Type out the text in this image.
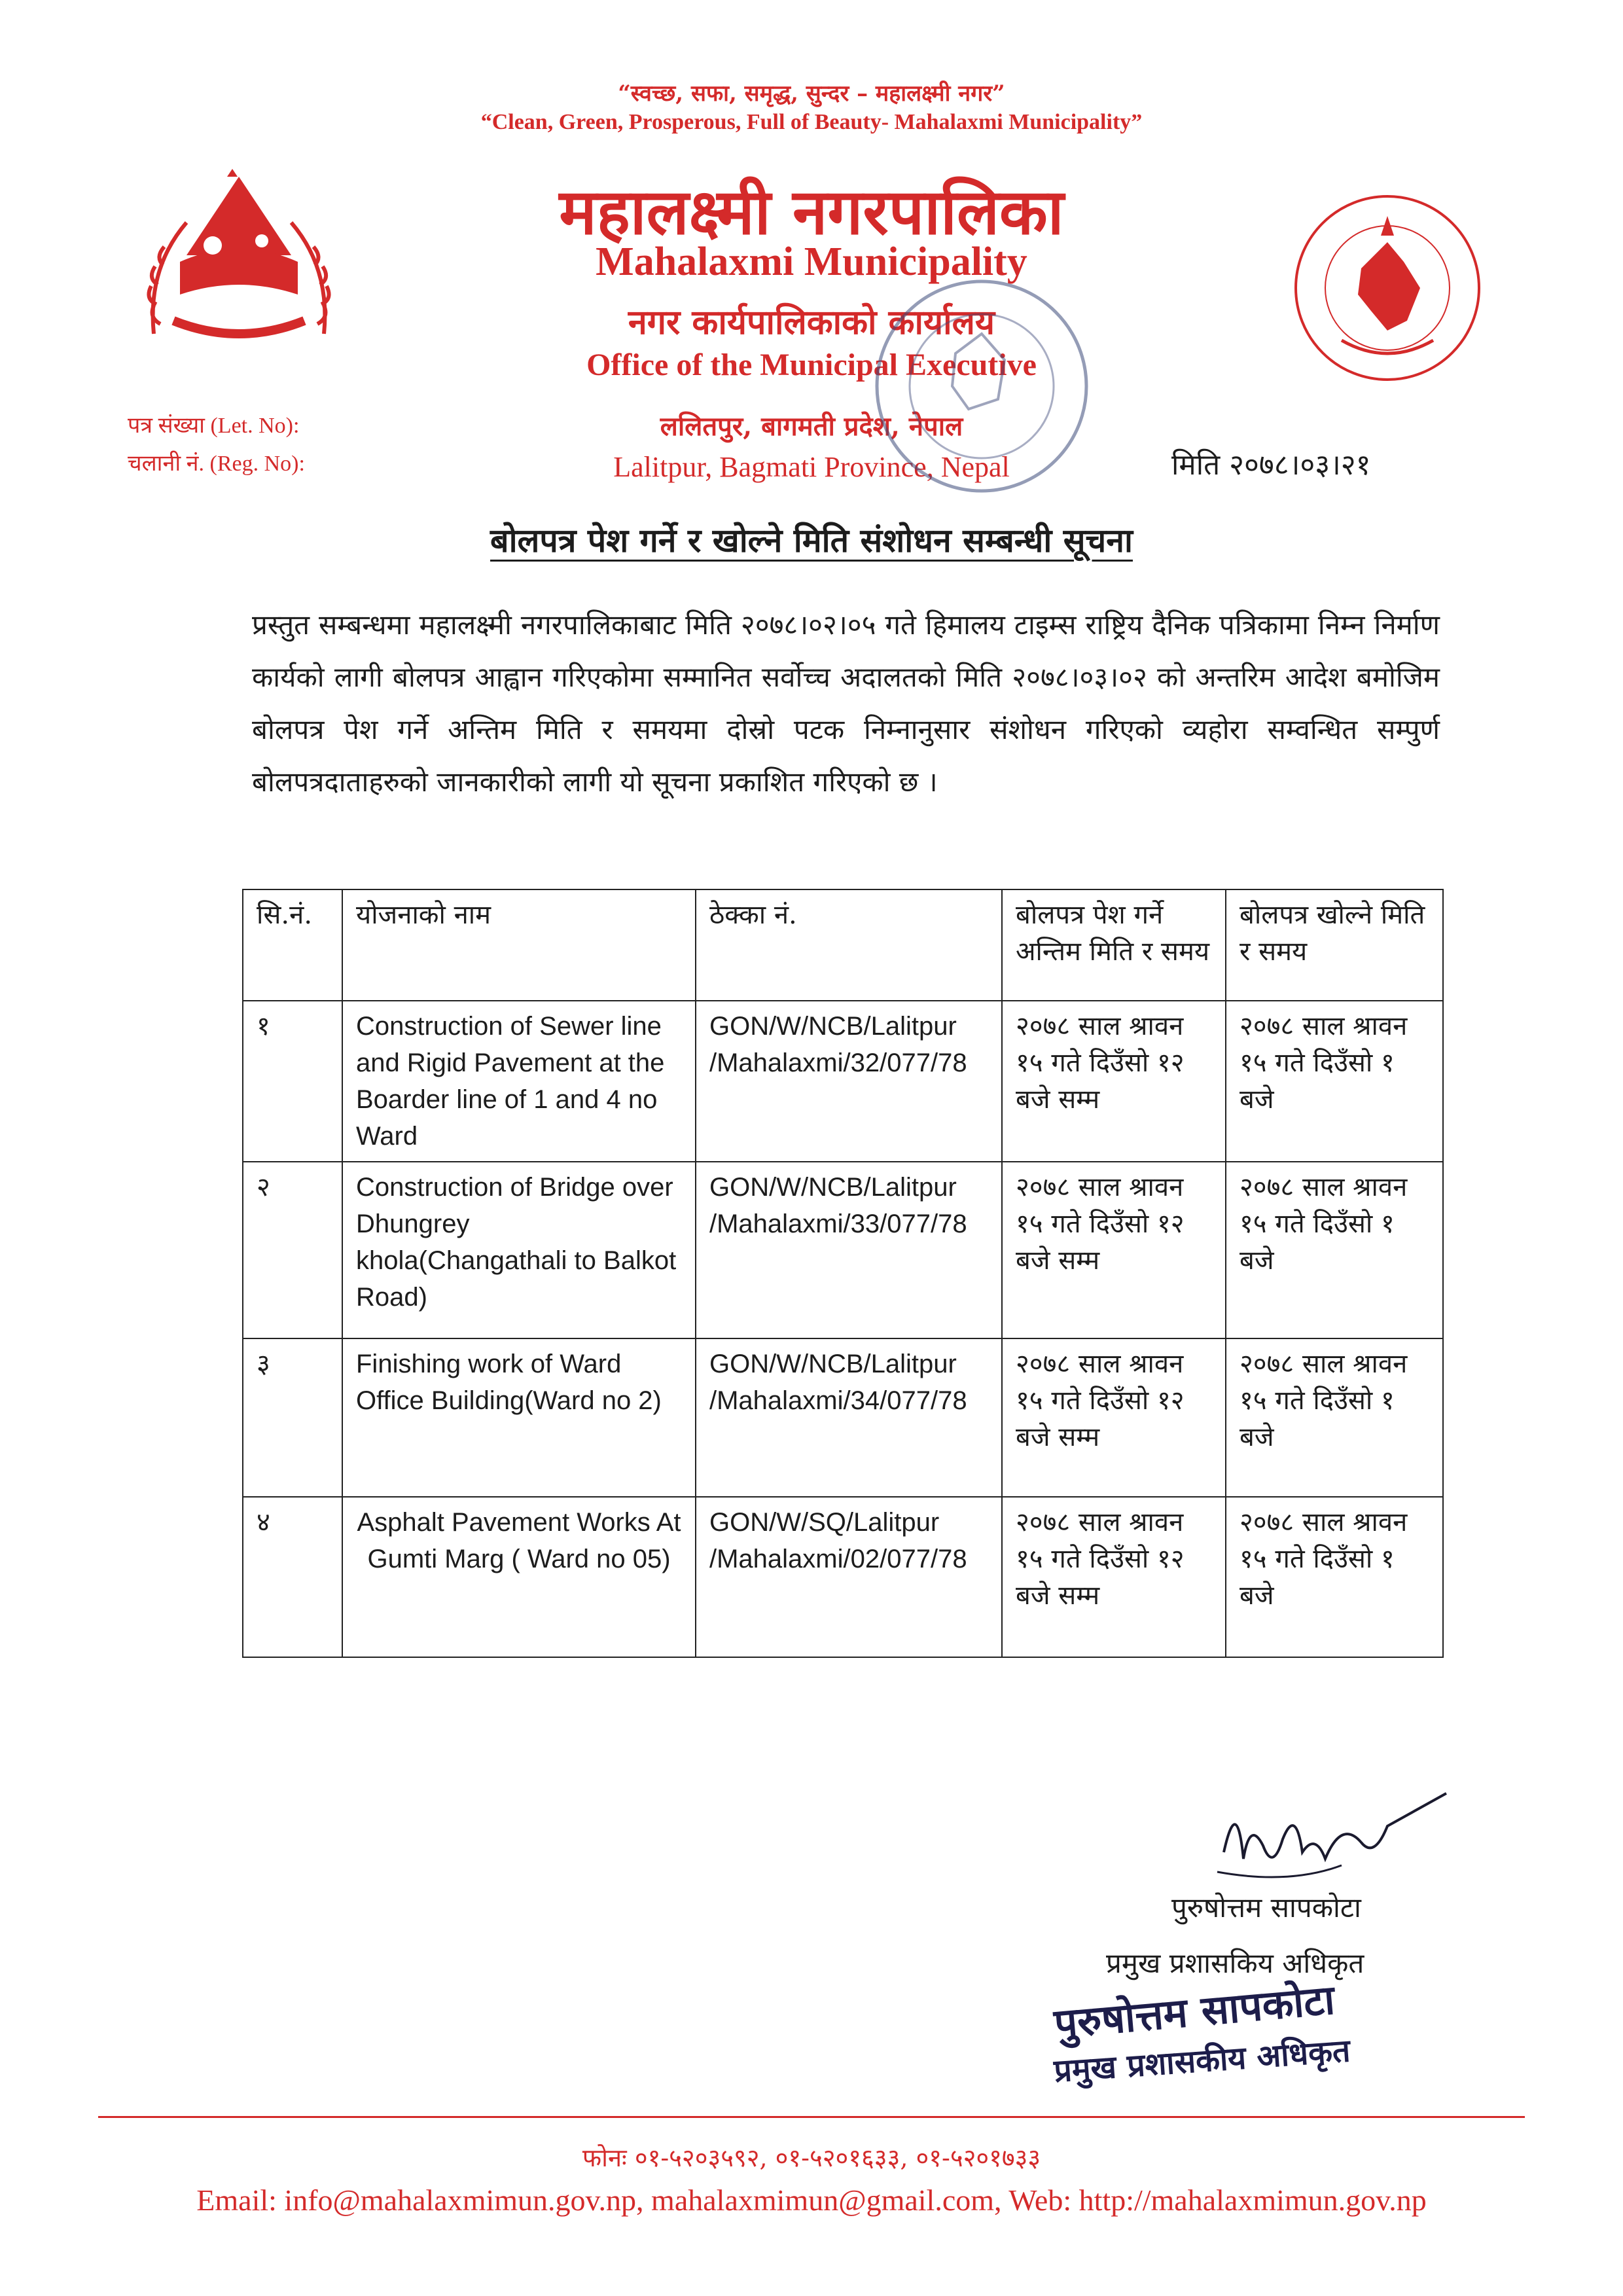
“स्वच्छ, सफा, समृद्ध, सुन्दर – महालक्ष्मी नगर”
“Clean, Green, Prosperous, Full of Beauty- Mahalaxmi Municipality”
महालक्ष्मी नगरपालिका
Mahalaxmi Municipality
नगर कार्यपालिकाको कार्यालय
Office of the Municipal Executive
ललितपुर, बागमती प्रदेश, नेपाल
Lalitpur, Bagmati Province, Nepal
पत्र संख्या (Let. No):
चलानी नं. (Reg. No):	मिति २०७८।०३।२१
बोलपत्र पेश गर्ने र खोल्ने मिति संशोधन सम्बन्धी सूचना
प्रस्तुत सम्बन्धमा महालक्ष्मी नगरपालिकाबाट मिति २०७८।०२।०५ गते हिमालय टाइम्स राष्ट्रिय दैनिक पत्रिकामा निम्न निर्माण कार्यको लागी बोलपत्र आह्वान गरिएकोमा सम्मानित सर्वोच्च अदालतको मिति २०७८।०३।०२ को अन्तरिम आदेश बमोजिम बोलपत्र पेश गर्ने अन्तिम मिति र समयमा दोस्रो पटक निम्नानुसार संशोधन गरिएको व्यहोरा सम्वन्धित सम्पुर्ण बोलपत्रदाताहरुको जानकारीको लागी यो सूचना प्रकाशित गरिएको छ ।
सि.नं.	योजनाको नाम	ठेक्का नं.	बोलपत्र पेश गर्ने अन्तिम मिति र समय	बोलपत्र खोल्ने मिति र समय
१	Construction of Sewer line and Rigid Pavement at the Boarder line of 1 and 4 no Ward	GON/W/NCB/Lalitpur /Mahalaxmi/32/077/78	२०७८ साल श्रावन १५ गते दिउँसो १२ बजे सम्म	२०७८ साल श्रावन १५ गते दिउँसो १ बजे
२	Construction of Bridge over Dhungrey khola(Changathali to Balkot Road)	GON/W/NCB/Lalitpur /Mahalaxmi/33/077/78	२०७८ साल श्रावन १५ गते दिउँसो १२ बजे सम्म	२०७८ साल श्रावन १५ गते दिउँसो १ बजे
३	Finishing work of Ward Office Building(Ward no 2)	GON/W/NCB/Lalitpur /Mahalaxmi/34/077/78	२०७८ साल श्रावन १५ गते दिउँसो १२ बजे सम्म	२०७८ साल श्रावन १५ गते दिउँसो १ बजे
४	Asphalt Pavement Works At Gumti Marg ( Ward no 05)	GON/W/SQ/Lalitpur /Mahalaxmi/02/077/78	२०७८ साल श्रावन १५ गते दिउँसो १२ बजे सम्म	२०७८ साल श्रावन १५ गते दिउँसो १ बजे
पुरुषोत्तम सापकोटा
प्रमुख प्रशासकिय अधिकृत
पुरुषोत्तम सापकोटा
प्रमुख प्रशासकीय अधिकृत
फोनः ०१-५२०३५९२, ०१-५२०१६३३, ०१-५२०१७३३
Email: info@mahalaxmimun.gov.np, mahalaxmimun@gmail.com, Web: http://mahalaxmimun.gov.np
